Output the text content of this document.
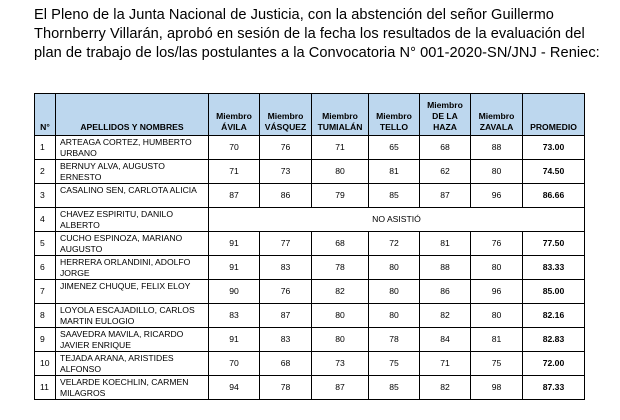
El Pleno de la Junta Nacional de Justicia, con la abstención del señor Guillermo Thornberry Villarán, aprobó en sesión de la fecha los resultados de la evaluación del plan de trabajo de los/las postulantes a la Convocatoria N° 001-2020-SN/JNJ - Reniec:
N°	APELLIDOS Y NOMBRES	Miembro ÁVILA	Miembro VÁSQUEZ	Miembro TUMIALÁN	Miembro TELLO	Miembro DE LA HAZA	Miembro ZAVALA	PROMEDIO
1	ARTEAGA CORTEZ, HUMBERTO URBANO	70	76	71	65	68	88	73.00
2	BERNUY ALVA, AUGUSTO ERNESTO	71	73	80	81	62	80	74.50
3	CASALINO SEN, CARLOTA ALICIA	87	86	79	85	87	96	86.66
4	CHAVEZ ESPIRITU, DANILO ALBERTO	NO ASISTIÓ						
5	CUCHO ESPINOZA, MARIANO AUGUSTO	91	77	68	72	81	76	77.50
6	HERRERA ORLANDINI, ADOLFO JORGE	91	83	78	80	88	80	83.33
7	JIMENEZ CHUQUE, FELIX ELOY	90	76	82	80	86	96	85.00
8	LOYOLA ESCAJADILLO, CARLOS MARTIN EULOGIO	83	87	80	80	82	80	82.16
9	SAAVEDRA MAVILA, RICARDO JAVIER ENRIQUE	91	83	80	78	84	81	82.83
10	TEJADA ARANA, ARISTIDES ALFONSO	70	68	73	75	71	75	72.00
11	VELARDE KOECHLIN, CARMEN MILAGROS	94	78	87	85	82	98	87.33
